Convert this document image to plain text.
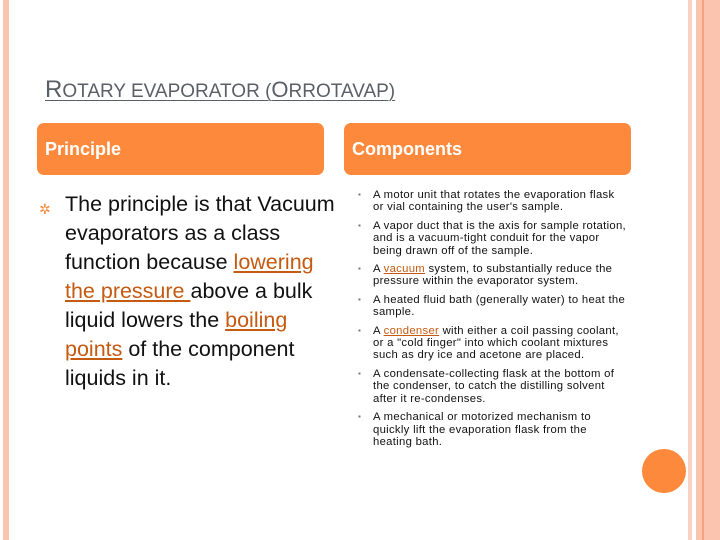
ROTARY EVAPORATOR (ORROTAVAP)
Principle	Components
✲ The principle is that Vacuum evaporators as a class function because lowering the pressure above a bulk liquid lowers the boiling points of the component liquids in it.
▪ A motor unit that rotates the evaporation flask or vial containing the user's sample.
▪ A vapor duct that is the axis for sample rotation, and is a vacuum-tight conduit for the vapor being drawn off of the sample.
▪ A vacuum system, to substantially reduce the pressure within the evaporator system.
▪ A heated fluid bath (generally water) to heat the sample.
▪ A condenser with either a coil passing coolant, or a "cold finger" into which coolant mixtures such as dry ice and acetone are placed.
▪ A condensate-collecting flask at the bottom of the condenser, to catch the distilling solvent after it re-condenses.
▪ A mechanical or motorized mechanism to quickly lift the evaporation flask from the heating bath.
